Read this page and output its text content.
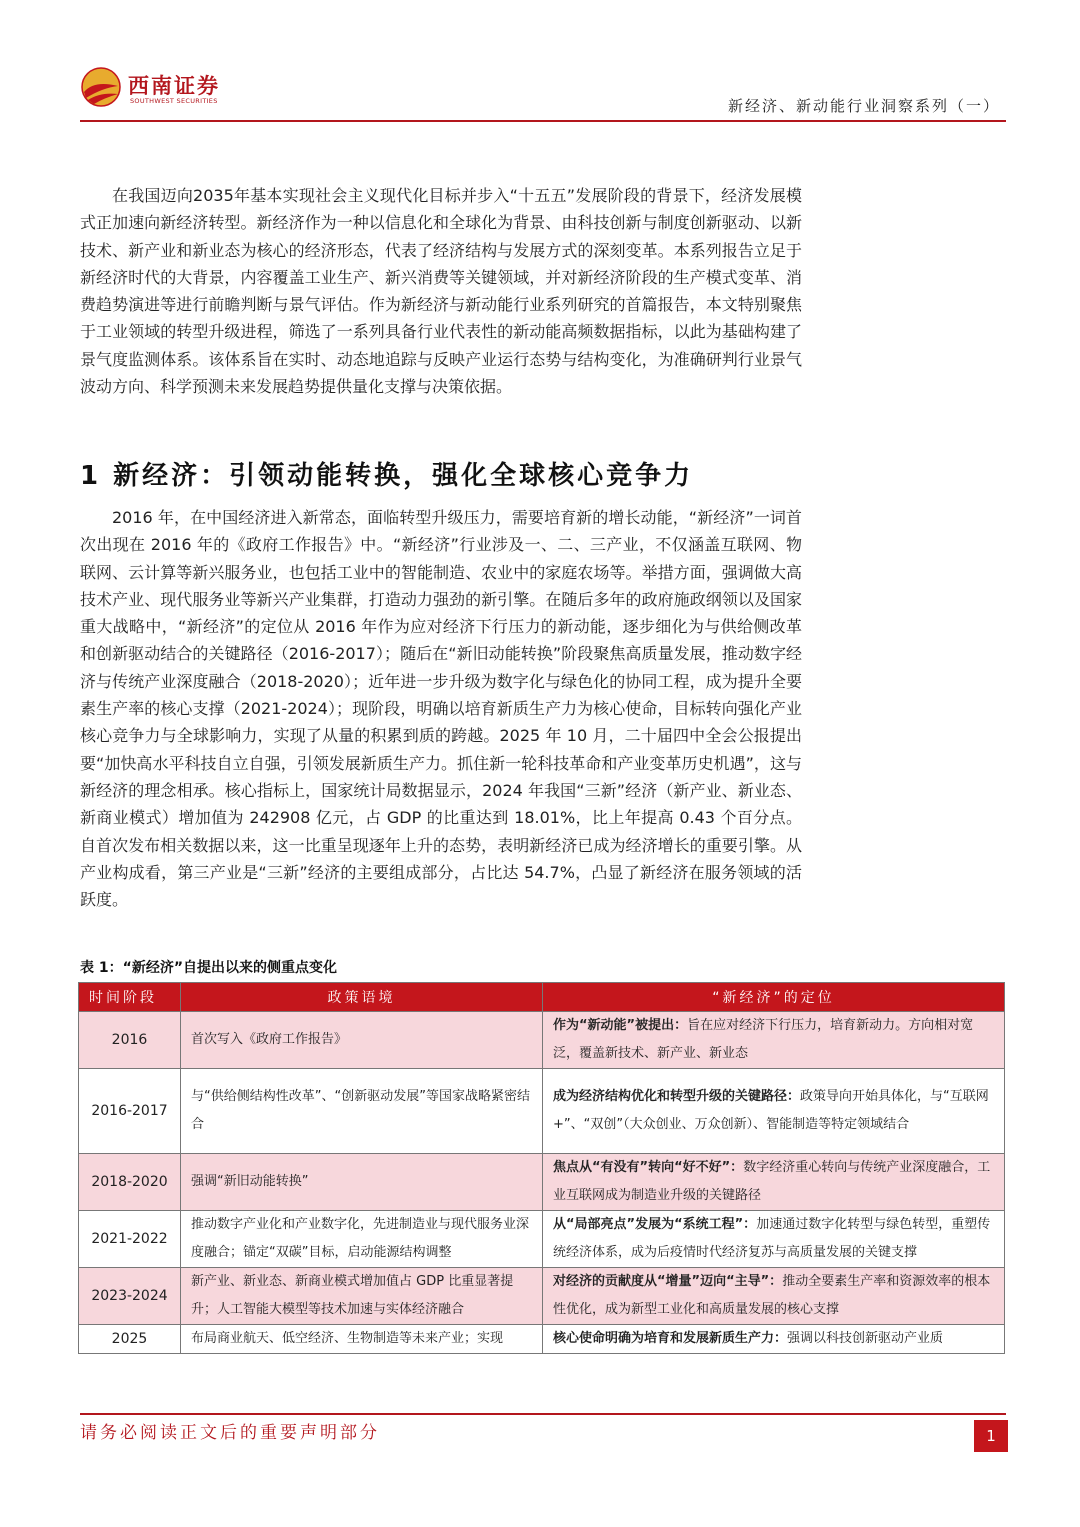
西南证券
SOUTHWEST SECURITIES	新经济、新动能行业洞察系列（一）

在我国迈向2035年基本实现社会主义现代化目标并步入“十五五”发展阶段的背景下，经济发展模式正加速向新经济转型。新经济作为一种以信息化和全球化为背景、由科技创新与制度创新驱动、以新技术、新产业和新业态为核心的经济形态，代表了经济结构与发展方式的深刻变革。本系列报告立足于新经济时代的大背景，内容覆盖工业生产、新兴消费等关键领域，并对新经济阶段的生产模式变革、消费趋势演进等进行前瞻判断与景气评估。作为新经济与新动能行业系列研究的首篇报告，本文特别聚焦于工业领域的转型升级进程，筛选了一系列具备行业代表性的新动能高频数据指标，以此为基础构建了景气度监测体系。该体系旨在实时、动态地追踪与反映产业运行态势与结构变化，为准确研判行业景气波动方向、科学预测未来发展趋势提供量化支撑与决策依据。

1 新经济：引领动能转换，强化全球核心竞争力

2016 年，在中国经济进入新常态，面临转型升级压力，需要培育新的增长动能，“新经济”一词首次出现在 2016 年的《政府工作报告》中。“新经济”行业涉及一、二、三产业，不仅涵盖互联网、物联网、云计算等新兴服务业，也包括工业中的智能制造、农业中的家庭农场等。举措方面，强调做大高技术产业、现代服务业等新兴产业集群，打造动力强劲的新引擎。在随后多年的政府施政纲领以及国家重大战略中，“新经济”的定位从 2016 年作为应对经济下行压力的新动能，逐步细化为与供给侧改革和创新驱动结合的关键路径（2016-2017）；随后在“新旧动能转换”阶段聚焦高质量发展，推动数字经济与传统产业深度融合（2018-2020）；近年进一步升级为数字化与绿色化的协同工程，成为提升全要素生产率的核心支撑（2021-2024）；现阶段，明确以培育新质生产力为核心使命，目标转向强化产业核心竞争力与全球影响力，实现了从量的积累到质的跨越。2025 年 10 月，二十届四中全会公报提出要“加快高水平科技自立自强，引领发展新质生产力。抓住新一轮科技革命和产业变革历史机遇”，这与新经济的理念相承。核心指标上，国家统计局数据显示，2024 年我国“三新”经济（新产业、新业态、新商业模式）增加值为 242908 亿元，占 GDP 的比重达到 18.01%，比上年提高 0.43 个百分点。自首次发布相关数据以来，这一比重呈现逐年上升的态势，表明新经济已成为经济增长的重要引擎。从产业构成看，第三产业是“三新”经济的主要组成部分，占比达 54.7%，凸显了新经济在服务领域的活跃度。

表 1：“新经济”自提出以来的侧重点变化
时间阶段	政策语境	“新经济”的定位
2016	首次写入《政府工作报告》	作为“新动能”被提出：旨在应对经济下行压力，培育新动力。方向相对宽泛，覆盖新技术、新产业、新业态
2016-2017	与“供给侧结构性改革”、“创新驱动发展”等国家战略紧密结合	成为经济结构优化和转型升级的关键路径：政策导向开始具体化，与“互联网+”、“双创”（大众创业、万众创新）、智能制造等特定领域结合
2018-2020	强调“新旧动能转换”	焦点从“有没有”转向“好不好”：数字经济重心转向与传统产业深度融合，工业互联网成为制造业升级的关键路径
2021-2022	推动数字产业化和产业数字化，先进制造业与现代服务业深度融合；锚定“双碳”目标，启动能源结构调整	从“局部亮点”发展为“系统工程”：加速通过数字化转型与绿色转型，重塑传统经济体系，成为后疫情时代经济复苏与高质量发展的关键支撑
2023-2024	新产业、新业态、新商业模式增加值占 GDP 比重显著提升；人工智能大模型等技术加速与实体经济融合	对经济的贡献度从“增量”迈向“主导”：推动全要素生产率和资源效率的根本性优化，成为新型工业化和高质量发展的核心支撑
2025	布局商业航天、低空经济、生物制造等未来产业；实现	核心使命明确为培育和发展新质生产力：强调以科技创新驱动产业质
请务必阅读正文后的重要声明部分	1
